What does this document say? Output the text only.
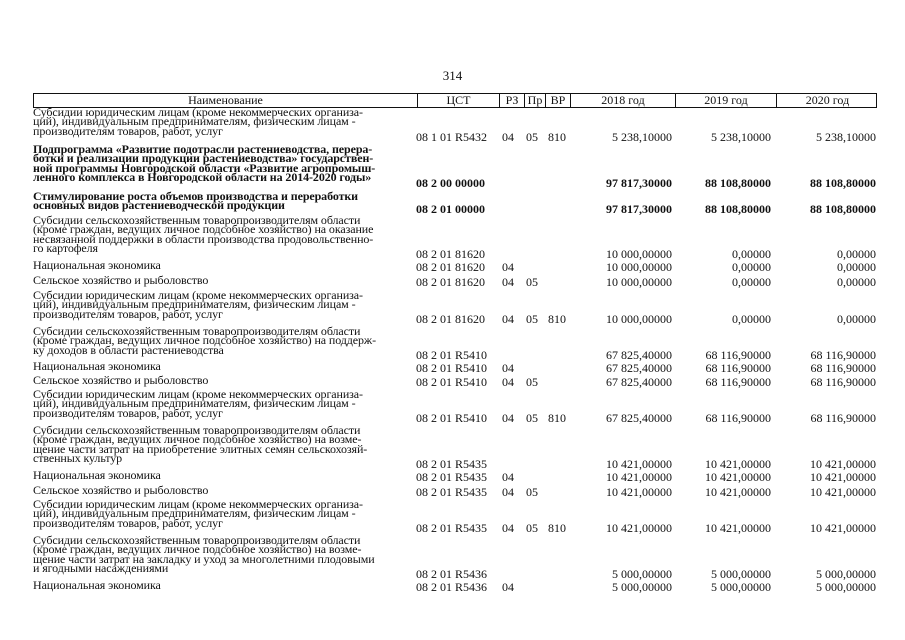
314
Наименование	ЦСТ	РЗ Пр ВР	2018 год	2019 год	2020 год
Субсидии юридическим лицам (кроме некоммерческих организа-
ций), индивидуальным предпринимателям, физическим лицам -
производителям товаров, работ, услуг	08 1 01 R5432 04 05 810	5 238,10000	5 238,10000	5 238,10000
Подпрограмма «Развитие подотрасли растениеводства, перера-
ботки и реализации продукции растениеводства» государствен-
ной программы Новгородской области «Развитие агропромыш-
ленного комплекса в Новгородской области на 2014-2020 годы»	08 2 00 00000	97 817,30000	88 108,80000	88 108,80000
Стимулирование роста объемов производства и переработки
основных видов растениеводческой продукции	08 2 01 00000	97 817,30000	88 108,80000	88 108,80000
Субсидии сельскохозяйственным товаропроизводителям области
(кроме граждан, ведущих личное подсобное хозяйство) на оказание
несвязанной поддержки в области производства продовольственно-
го картофеля	08 2 01 81620	10 000,00000	0,00000	0,00000
Национальная экономика	08 2 01 81620 04	10 000,00000	0,00000	0,00000
Сельское хозяйство и рыболовство	08 2 01 81620 04 05	10 000,00000	0,00000	0,00000
Субсидии юридическим лицам (кроме некоммерческих организа-
ций), индивидуальным предпринимателям, физическим лицам -
производителям товаров, работ, услуг	08 2 01 81620 04 05 810	10 000,00000	0,00000	0,00000
Субсидии сельскохозяйственным товаропроизводителям области
(кроме граждан, ведущих личное подсобное хозяйство) на поддерж-
ку доходов в области растениеводства	08 2 01 R5410	67 825,40000	68 116,90000	68 116,90000
Национальная экономика	08 2 01 R5410 04	67 825,40000	68 116,90000	68 116,90000
Сельское хозяйство и рыболовство	08 2 01 R5410 04 05	67 825,40000	68 116,90000	68 116,90000
Субсидии юридическим лицам (кроме некоммерческих организа-
ций), индивидуальным предпринимателям, физическим лицам -
производителям товаров, работ, услуг	08 2 01 R5410 04 05 810	67 825,40000	68 116,90000	68 116,90000
Субсидии сельскохозяйственным товаропроизводителям области
(кроме граждан, ведущих личное подсобное хозяйство) на возме-
щение части затрат на приобретение элитных семян сельскохозяй-
ственных культур	08 2 01 R5435	10 421,00000	10 421,00000	10 421,00000
Национальная экономика	08 2 01 R5435 04	10 421,00000	10 421,00000	10 421,00000
Сельское хозяйство и рыболовство	08 2 01 R5435 04 05	10 421,00000	10 421,00000	10 421,00000
Субсидии юридическим лицам (кроме некоммерческих организа-
ций), индивидуальным предпринимателям, физическим лицам -
производителям товаров, работ, услуг	08 2 01 R5435 04 05 810	10 421,00000	10 421,00000	10 421,00000
Субсидии сельскохозяйственным товаропроизводителям области
(кроме граждан, ведущих личное подсобное хозяйство) на возме-
щение части затрат на закладку и уход за многолетними плодовыми
и ягодными насаждениями	08 2 01 R5436	5 000,00000	5 000,00000	5 000,00000
Национальная экономика	08 2 01 R5436 04	5 000,00000	5 000,00000	5 000,00000
